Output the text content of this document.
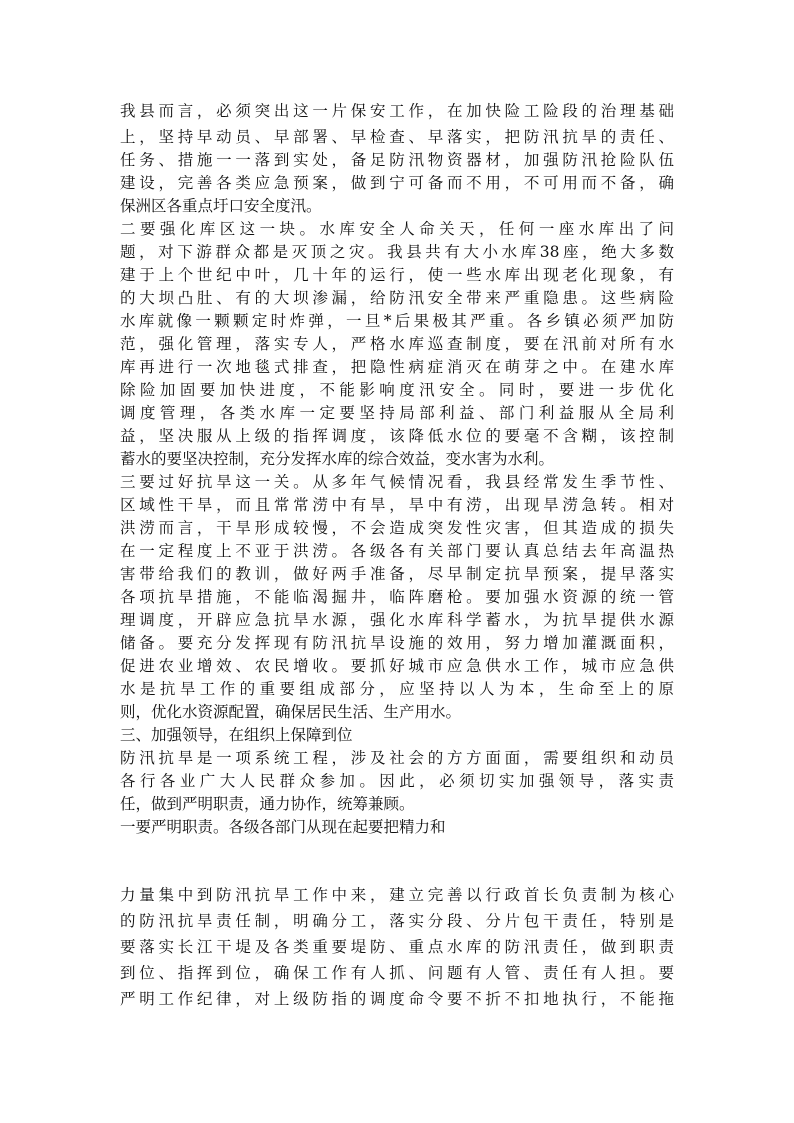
我县而言，必须突出这一片保安工作，在加快险工险段的治理基础

上，坚持早动员、早部署、早检查、早落实，把防汛抗旱的责任、

任务、措施一一落到实处，备足防汛物资器材，加强防汛抢险队伍

建设，完善各类应急预案，做到宁可备而不用，不可用而不备，确

保洲区各重点圩口安全度汛。

二要强化库区这一块。水库安全人命关天，任何一座水库出了问

题，对下游群众都是灭顶之灾。我县共有大小水库38座，绝大多数

建于上个世纪中叶，几十年的运行，使一些水库出现老化现象，有

的大坝凸肚、有的大坝渗漏，给防汛安全带来严重隐患。这些病险

水库就像一颗颗定时炸弹，一旦*后果极其严重。各乡镇必须严加防

范，强化管理，落实专人，严格水库巡查制度，要在汛前对所有水

库再进行一次地毯式排查，把隐性病症消灭在萌芽之中。在建水库

除险加固要加快进度，不能影响度汛安全。同时，要进一步优化

调度管理，各类水库一定要坚持局部利益、部门利益服从全局利

益，坚决服从上级的指挥调度，该降低水位的要毫不含糊，该控制

蓄水的要坚决控制，充分发挥水库的综合效益，变水害为水利。

三要过好抗旱这一关。从多年气候情况看，我县经常发生季节性、

区域性干旱，而且常常涝中有旱，旱中有涝，出现旱涝急转。相对

洪涝而言，干旱形成较慢，不会造成突发性灾害，但其造成的损失

在一定程度上不亚于洪涝。各级各有关部门要认真总结去年高温热

害带给我们的教训，做好两手准备，尽早制定抗旱预案，提早落实

各项抗旱措施，不能临渴掘井，临阵磨枪。要加强水资源的统一管

理调度，开辟应急抗旱水源，强化水库科学蓄水，为抗旱提供水源

储备。要充分发挥现有防汛抗旱设施的效用，努力增加灌溉面积，

促进农业增效、农民增收。要抓好城市应急供水工作，城市应急供

水是抗旱工作的重要组成部分，应坚持以人为本，生命至上的原

则，优化水资源配置，确保居民生活、生产用水。

三、加强领导，在组织上保障到位

防汛抗旱是一项系统工程，涉及社会的方方面面，需要组织和动员

各行各业广大人民群众参加。因此，必须切实加强领导，落实责

任，做到严明职责，通力协作，统筹兼顾。

一要严明职责。各级各部门从现在起要把精力和

力量集中到防汛抗旱工作中来，建立完善以行政首长负责制为核心

的防汛抗旱责任制，明确分工，落实分段、分片包干责任，特别是

要落实长江干堤及各类重要堤防、重点水库的防汛责任，做到职责

到位、指挥到位，确保工作有人抓、问题有人管、责任有人担。要

严明工作纪律，对上级防指的调度命令要不折不扣地执行，不能拖
